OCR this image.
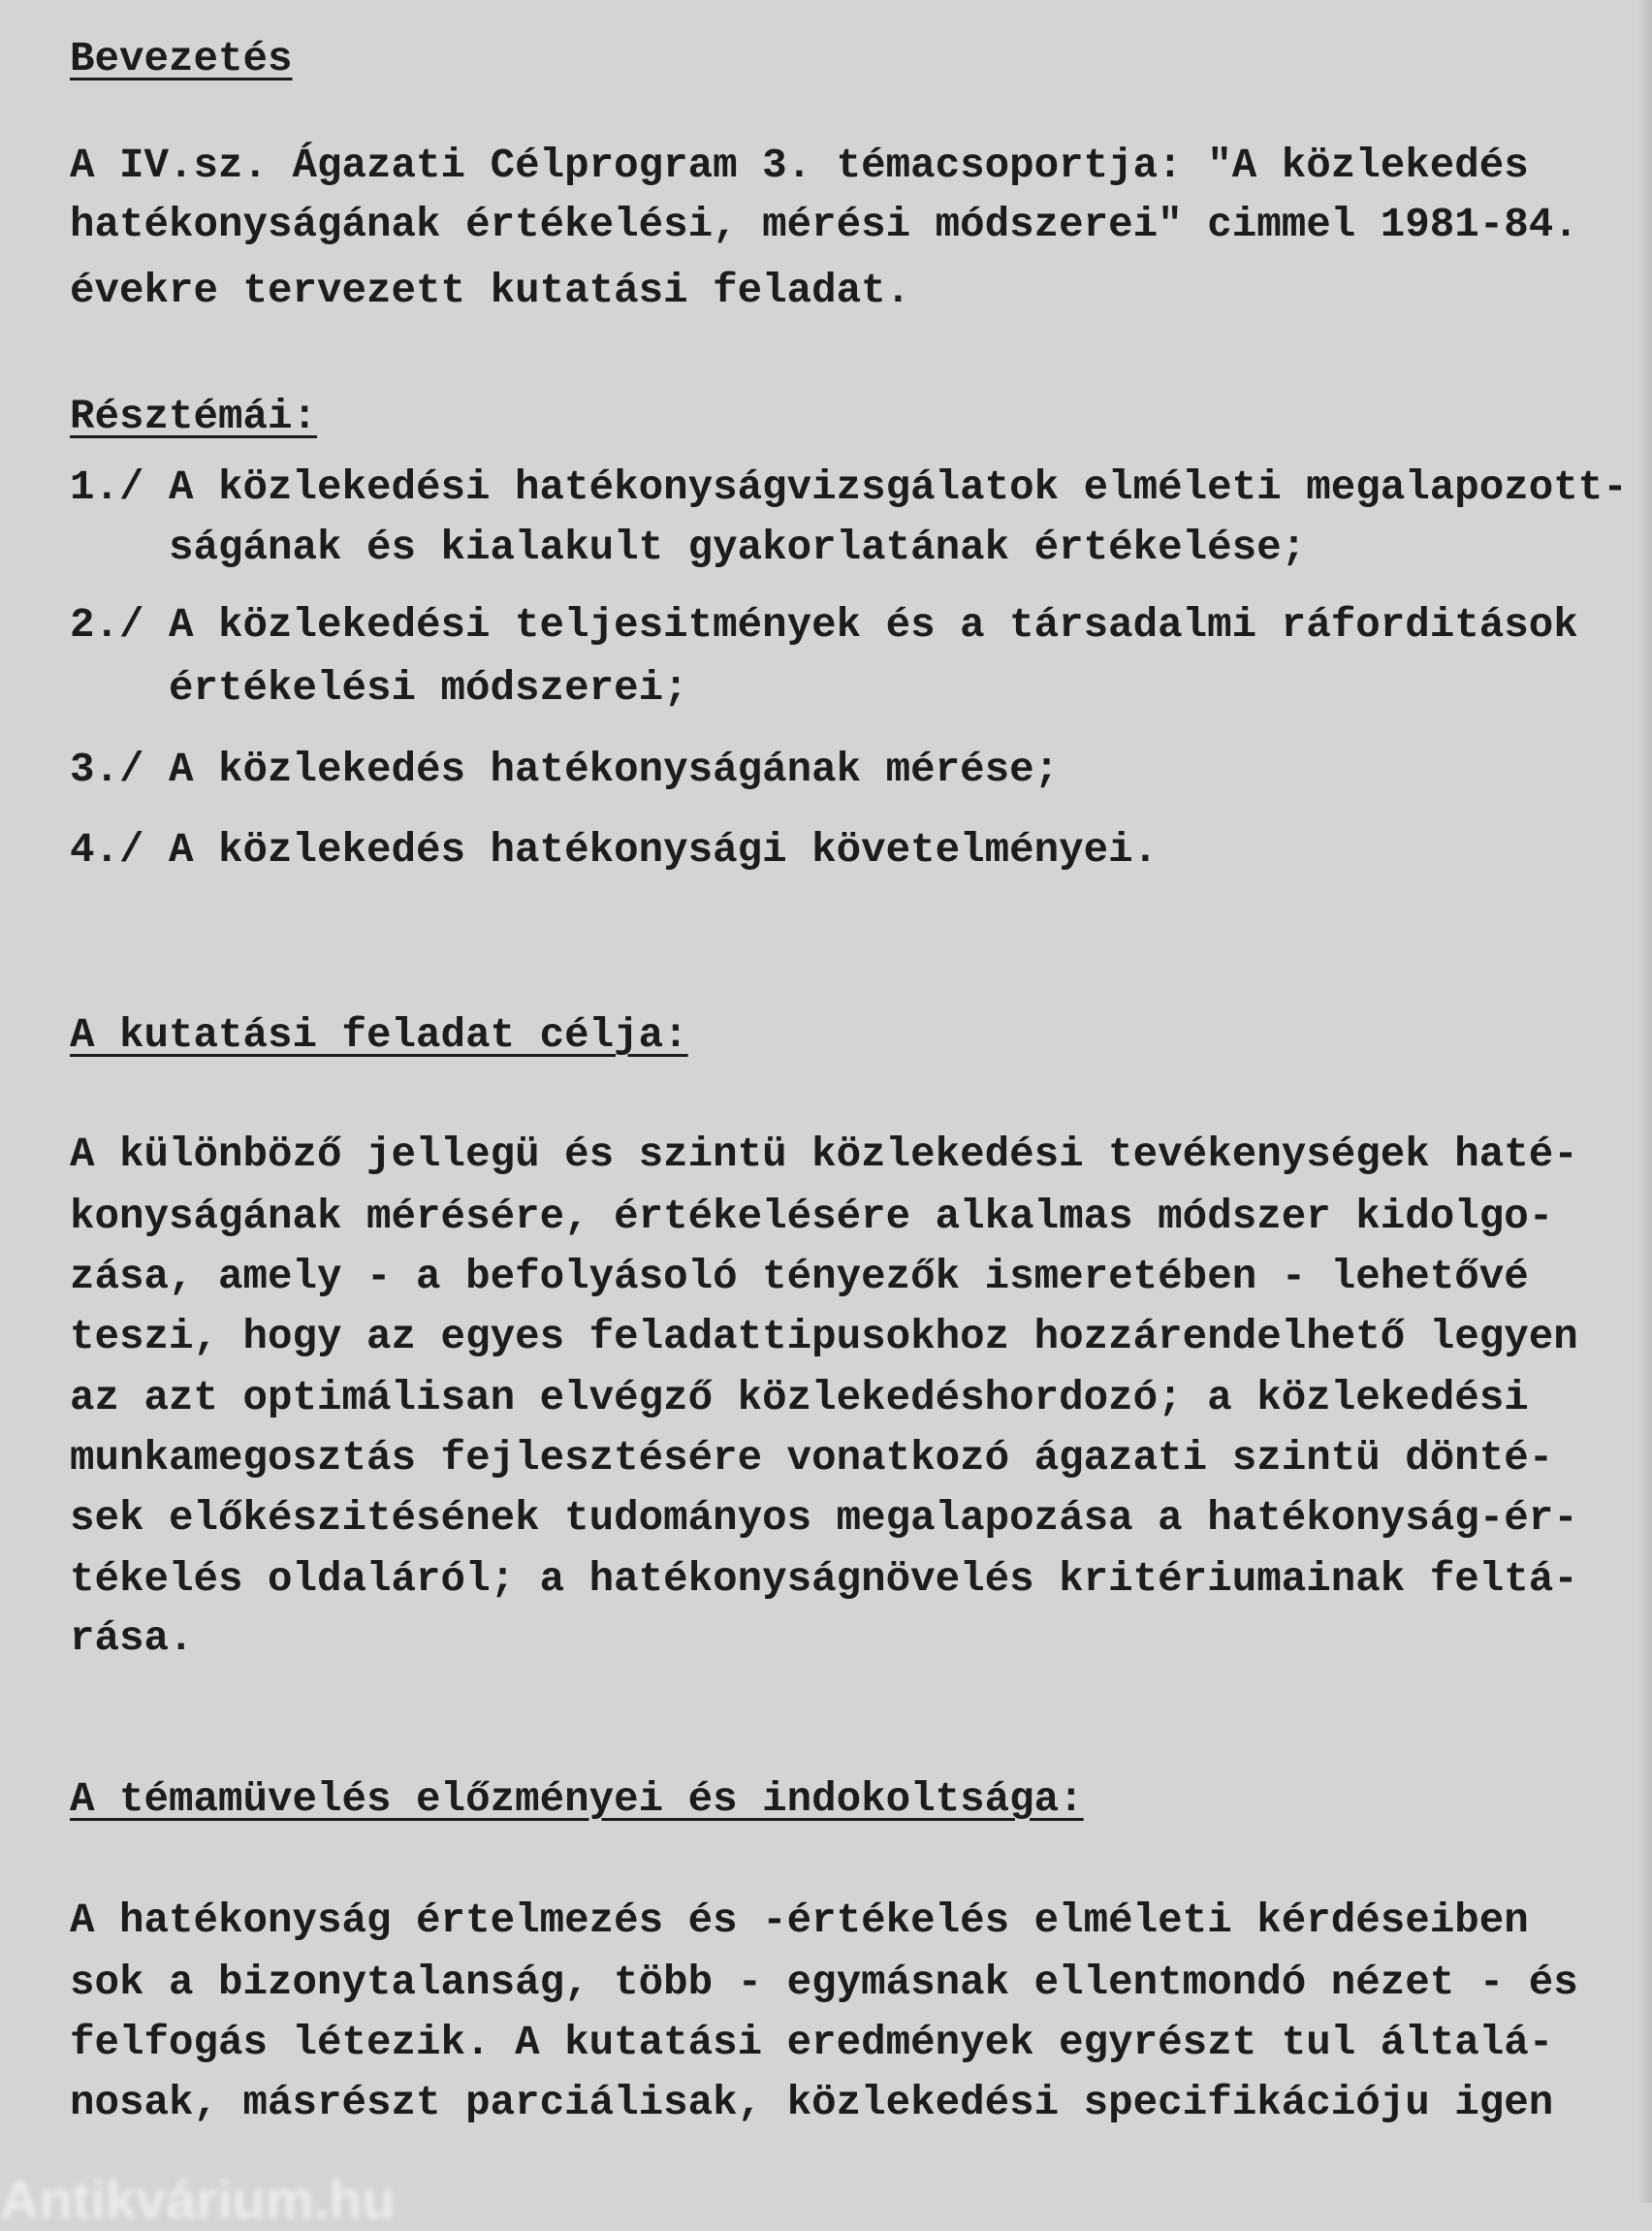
Bevezetés
A IV.sz. Ágazati Célprogram 3. témacsoportja: "A közlekedés
hatékonyságának értékelési, mérési módszerei" cimmel 1981-84.
évekre tervezett kutatási feladat.
Résztémái:
1./ A közlekedési hatékonyságvizsgálatok elméleti megalapozott-
ságának és kialakult gyakorlatának értékelése;
2./ A közlekedési teljesitmények és a társadalmi ráforditások
értékelési módszerei;
3./ A közlekedés hatékonyságának mérése;
4./ A közlekedés hatékonysági követelményei.
A kutatási feladat célja:
A különböző jellegü és szintü közlekedési tevékenységek haté-
konyságának mérésére, értékelésére alkalmas módszer kidolgo-
zása, amely - a befolyásoló tényezők ismeretében - lehetővé
teszi, hogy az egyes feladattipusokhoz hozzárendelhető legyen
az azt optimálisan elvégző közlekedéshordozó; a közlekedési
munkamegosztás fejlesztésére vonatkozó ágazati szintü dönté-
sek előkészitésének tudományos megalapozása a hatékonyság-ér-
tékelés oldaláról; a hatékonyságnövelés kritériumainak feltá-
rása.
A témamüvelés előzményei és indokoltsága:
A hatékonyság értelmezés és -értékelés elméleti kérdéseiben
sok a bizonytalanság, több - egymásnak ellentmondó nézet - és
felfogás létezik. A kutatási eredmények egyrészt tul általá-
nosak, másrészt parciálisak, közlekedési specifikációju igen
Antikvárium.hu
